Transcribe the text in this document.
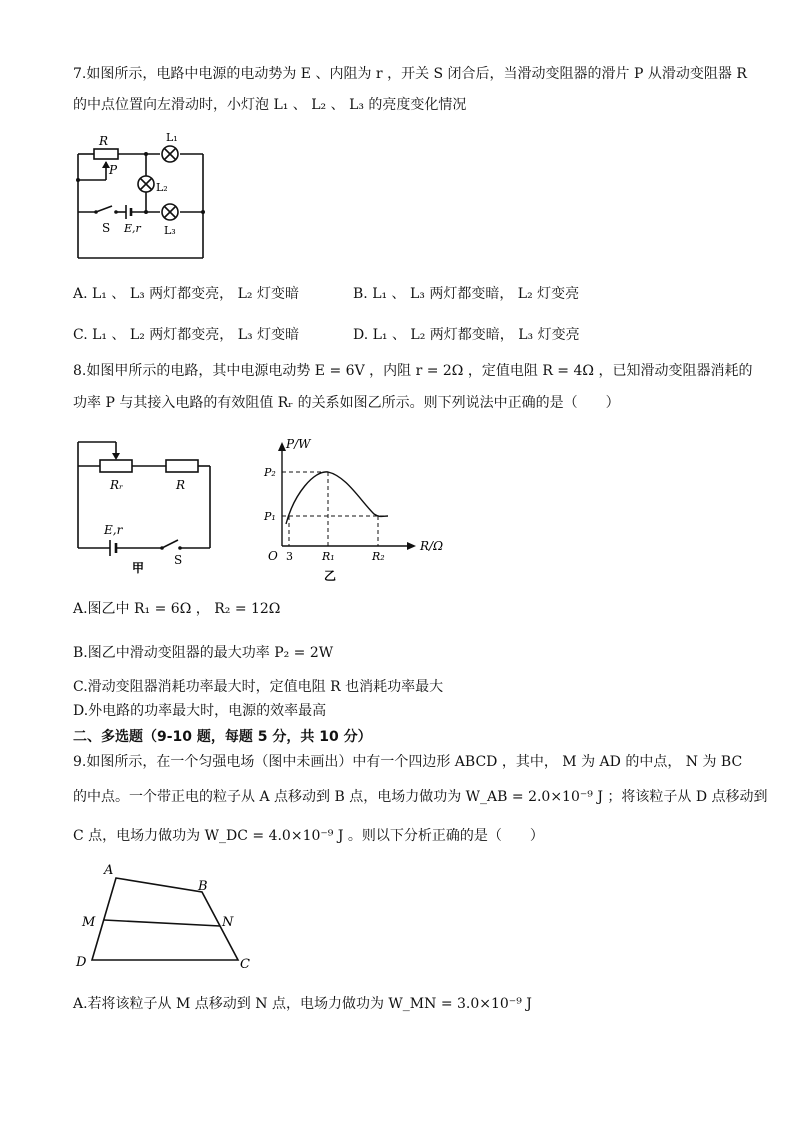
7.如图所示，电路中电源的电动势为 E 、内阻为 r ，开关 S 闭合后，当滑动变阻器的滑片 P 从滑动变阻器 R
的中点位置向左滑动时，小灯泡 L₁ 、 L₂ 、 L₃ 的亮度变化情况
R
P
L₁
L₂
L₃
S E,r
A. L₁ 、 L₃ 两灯都变亮， L₂ 灯变暗	B. L₁ 、 L₃ 两灯都变暗， L₂ 灯变亮
C. L₁ 、 L₂ 两灯都变亮， L₃ 灯变暗	D. L₁ 、 L₂ 两灯都变暗， L₃ 灯变亮
8.如图甲所示的电路，其中电源电动势 E = 6V ，内阻 r = 2Ω ，定值电阻 R = 4Ω ，已知滑动变阻器消耗的
功率 P 与其接入电路的有效阻值 Rᵣ 的关系如图乙所示。则下列说法中正确的是（　　）
Rᵣ	R
E,r
S
甲
P/W
R/Ω
O 3	R₁	R₂
P₂
P₁
乙
A.图乙中 R₁ = 6Ω ， R₂ = 12Ω
B.图乙中滑动变阻器的最大功率 P₂ = 2W
C.滑动变阻器消耗功率最大时，定值电阻 R 也消耗功率最大
D.外电路的功率最大时，电源的效率最高
二、多选题（9-10 题，每题 5 分，共 10 分）
9.如图所示，在一个匀强电场（图中未画出）中有一个四边形 ABCD ，其中， M 为 AD 的中点， N 为 BC
的中点。一个带正电的粒子从 A 点移动到 B 点，电场力做功为 W_AB = 2.0×10⁻⁹ J ；将该粒子从 D 点移动到
C 点，电场力做功为 W_DC = 4.0×10⁻⁹ J 。则以下分析正确的是（　　）
A
B
C
D
M	N
A.若将该粒子从 M 点移动到 N 点，电场力做功为 W_MN = 3.0×10⁻⁹ J
